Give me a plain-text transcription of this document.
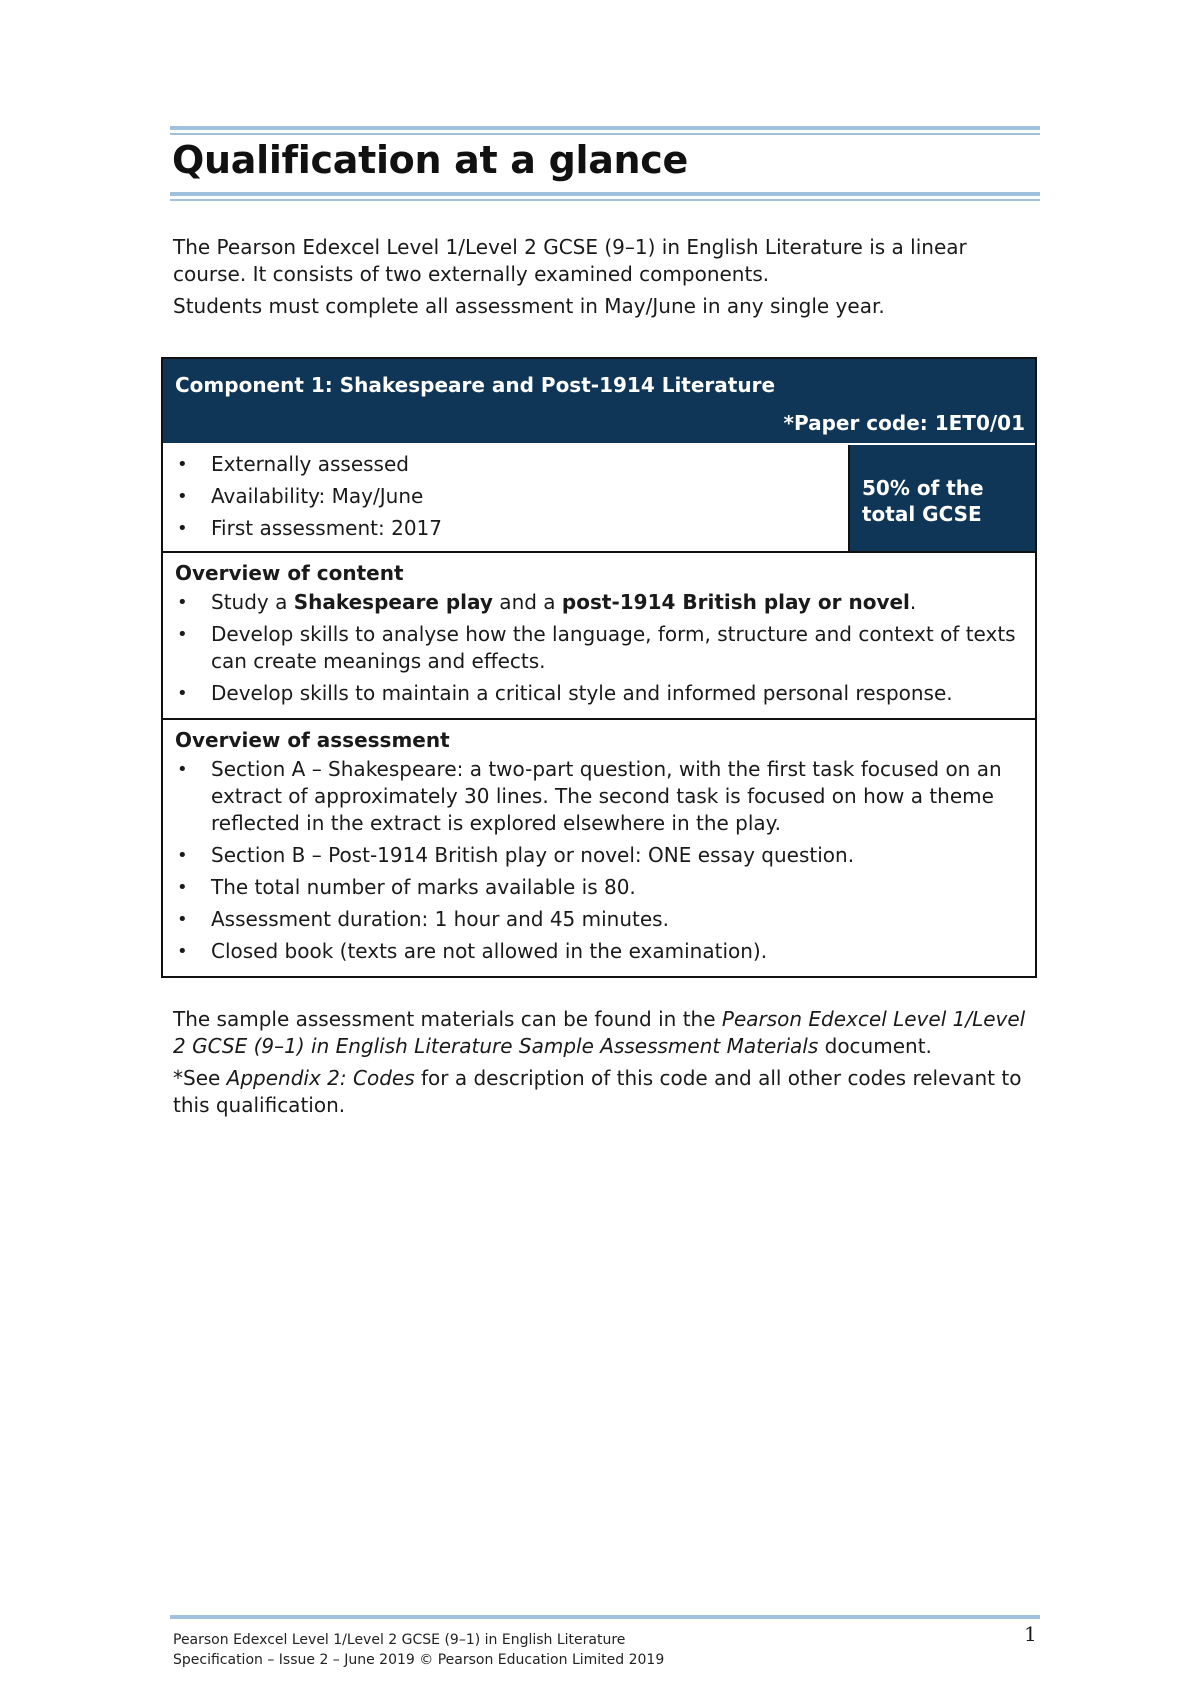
Qualification at a glance

The Pearson Edexcel Level 1/Level 2 GCSE (9–1) in English Literature is a linear course. It consists of two externally examined components.

Students must complete all assessment in May/June in any single year.

Component 1: Shakespeare and Post-1914 Literature
*Paper code: 1ET0/01
• Externally assessed
• Availability: May/June
• First assessment: 2017
50% of the total GCSE
Overview of content
• Study a Shakespeare play and a post-1914 British play or novel.
• Develop skills to analyse how the language, form, structure and context of texts can create meanings and effects.
• Develop skills to maintain a critical style and informed personal response.
Overview of assessment
• Section A – Shakespeare: a two-part question, with the first task focused on an extract of approximately 30 lines. The second task is focused on how a theme reflected in the extract is explored elsewhere in the play.
• Section B – Post-1914 British play or novel: ONE essay question.
• The total number of marks available is 80.
• Assessment duration: 1 hour and 45 minutes.
• Closed book (texts are not allowed in the examination).

The sample assessment materials can be found in the Pearson Edexcel Level 1/Level 2 GCSE (9–1) in English Literature Sample Assessment Materials document.

*See Appendix 2: Codes for a description of this code and all other codes relevant to this qualification.

Pearson Edexcel Level 1/Level 2 GCSE (9–1) in English Literature
Specification – Issue 2 – June 2019 © Pearson Education Limited 2019
1
